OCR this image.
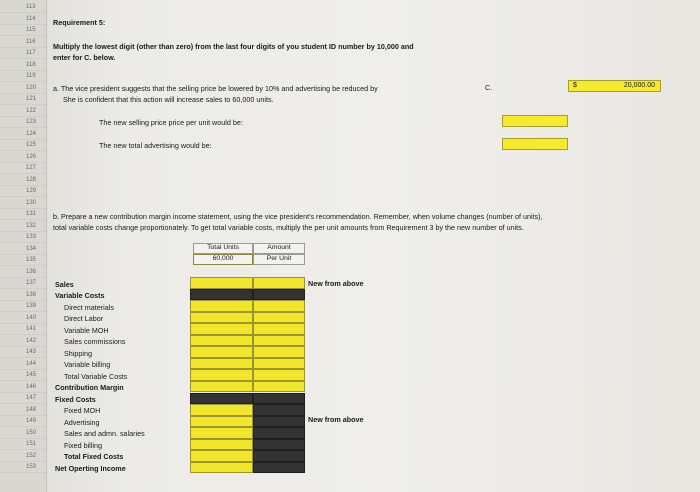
113
114
115
116
117
118
119
120
121
122
123
124
125
126
127
128
129
130
131
132
133
134
135
136
137
138
139
140
141
142
143
144
145
146
147
148
149
150
151
152
153
Requirement 5:
Multiply the lowest digit (other than zero) from the last four digits of you student ID number by 10,000 and
enter for C. below.
a. The vice president suggests that the selling price be lowered by 10% and advertising be reduced by
She is confident that this action will increase sales to 60,000 units.
C.	$	20,000.00
The new selling price price per unit would be:
The new total advertising would be:
b. Prepare a new contribution margin income statement, using the vice president's recommendation. Remember, when volume changes (number of units),
total variable costs change proportionately. To get total variable costs, multiply the per unit amounts from Requirement 3 by the new number of units.
Total Units
60,000
Amount
Per Unit
Sales
Variable Costs
Direct materials
Direct Labor
Variable MOH
Sales commissions
Shipping
Variable billing
Total Variable Costs
Contribution Margin
Fixed Costs
Fixed MOH
Advertising
Sales and admn. salaries
Fixed billing
Total Fixed Costs
Net Operting Income
New from above
New from above
